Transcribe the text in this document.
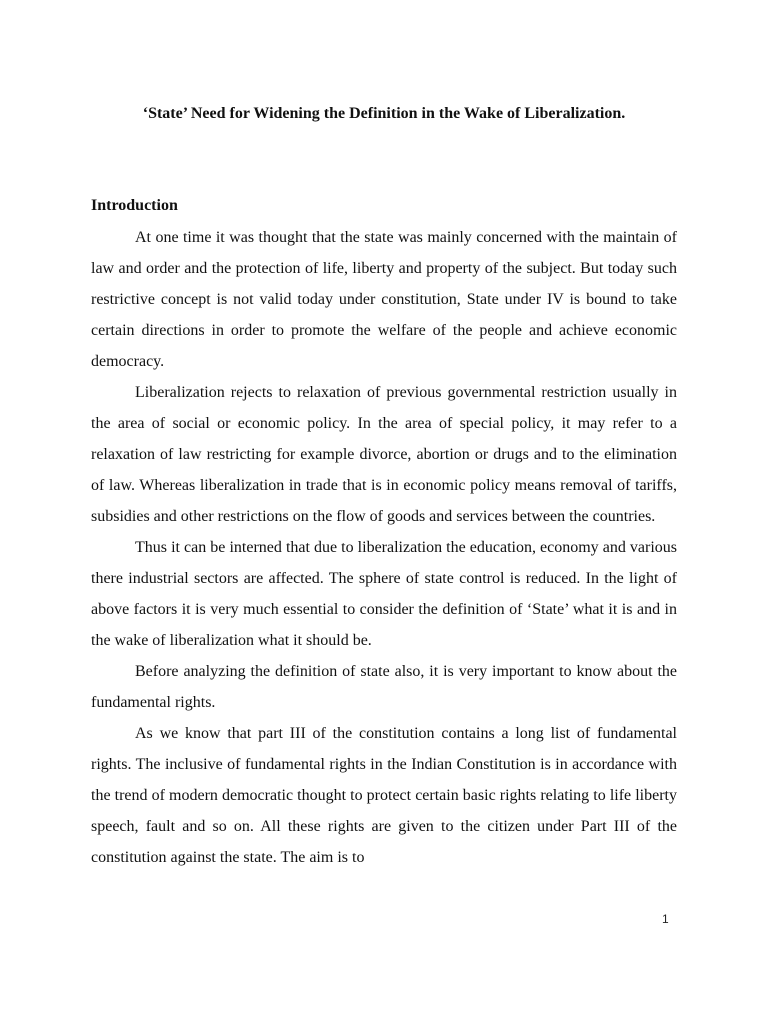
‘State’ Need for Widening the Definition in the Wake of Liberalization.
Introduction

At one time it was thought that the state was mainly concerned with the maintain of law and order and the protection of life, liberty and property of the subject. But today such restrictive concept is not valid today under constitution, State under IV is bound to take certain directions in order to promote the welfare of the people and achieve economic democracy.

Liberalization rejects to relaxation of previous governmental restriction usually in the area of social or economic policy. In the area of special policy, it may refer to a relaxation of law restricting for example divorce, abortion or drugs and to the elimination of law. Whereas liberalization in trade that is in economic policy means removal of tariffs, subsidies and other restrictions on the flow of goods and services between the countries.

Thus it can be interned that due to liberalization the education, economy and various there industrial sectors are affected. The sphere of state control is reduced. In the light of above factors it is very much essential to consider the definition of ‘State’ what it is and in the wake of liberalization what it should be.

Before analyzing the definition of state also, it is very important to know about the fundamental rights.

As we know that part III of the constitution contains a long list of fundamental rights. The inclusive of fundamental rights in the Indian Constitution is in accordance with the trend of modern democratic thought to protect certain basic rights relating to life liberty speech, fault and so on. All these rights are given to the citizen under Part III of the constitution against the state. The aim is to

1
